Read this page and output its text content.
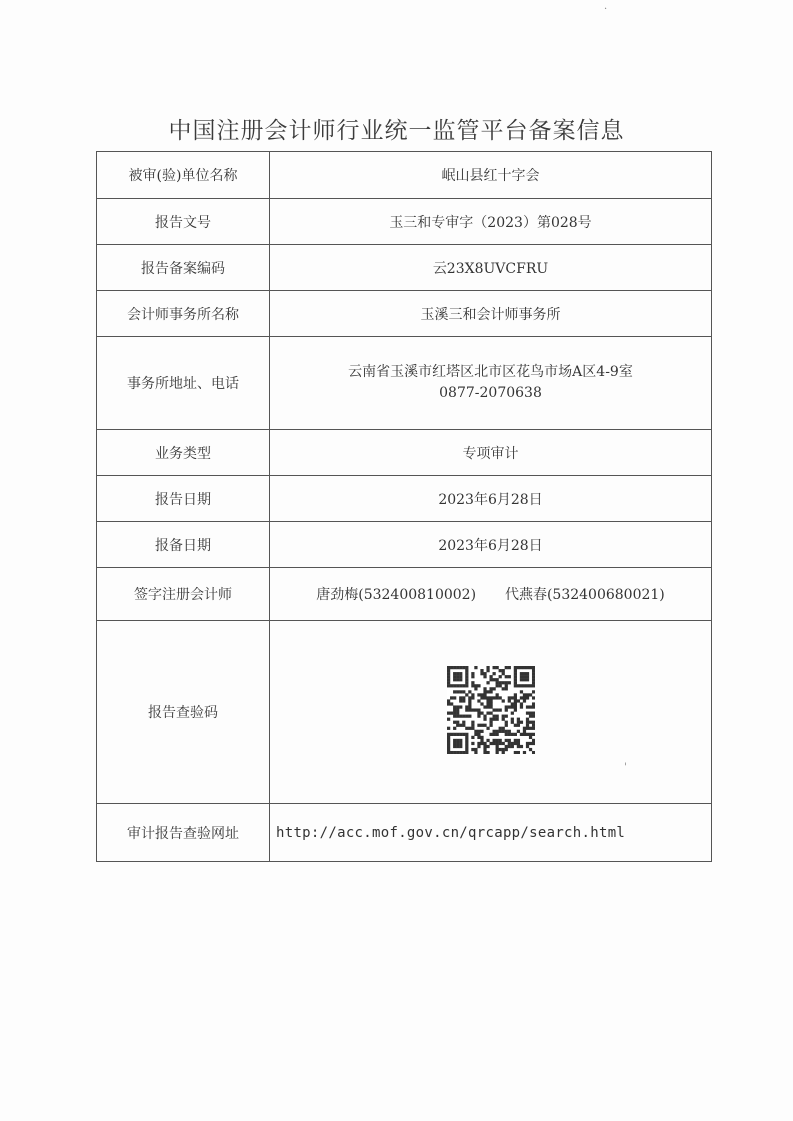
中国注册会计师行业统一监管平台备案信息
被审(验)单位名称	岷山县红十字会
报告文号	玉三和专审字（2023）第028号
报告备案编码	云23X8UVCFRU
会计师事务所名称	玉溪三和会计师事务所
事务所地址、电话	云南省玉溪市红塔区北市区花鸟市场A区4-9室
0877-2070638

业务类型	专项审计
报告日期	2023年6月28日
报备日期	2023年6月28日
签字注册会计师	唐劲梅(532400810002) 代燕春(532400680021)
报告查验码	
审计报告查验网址	http://acc.mof.gov.cn/qrcapp/search.html
·
'
